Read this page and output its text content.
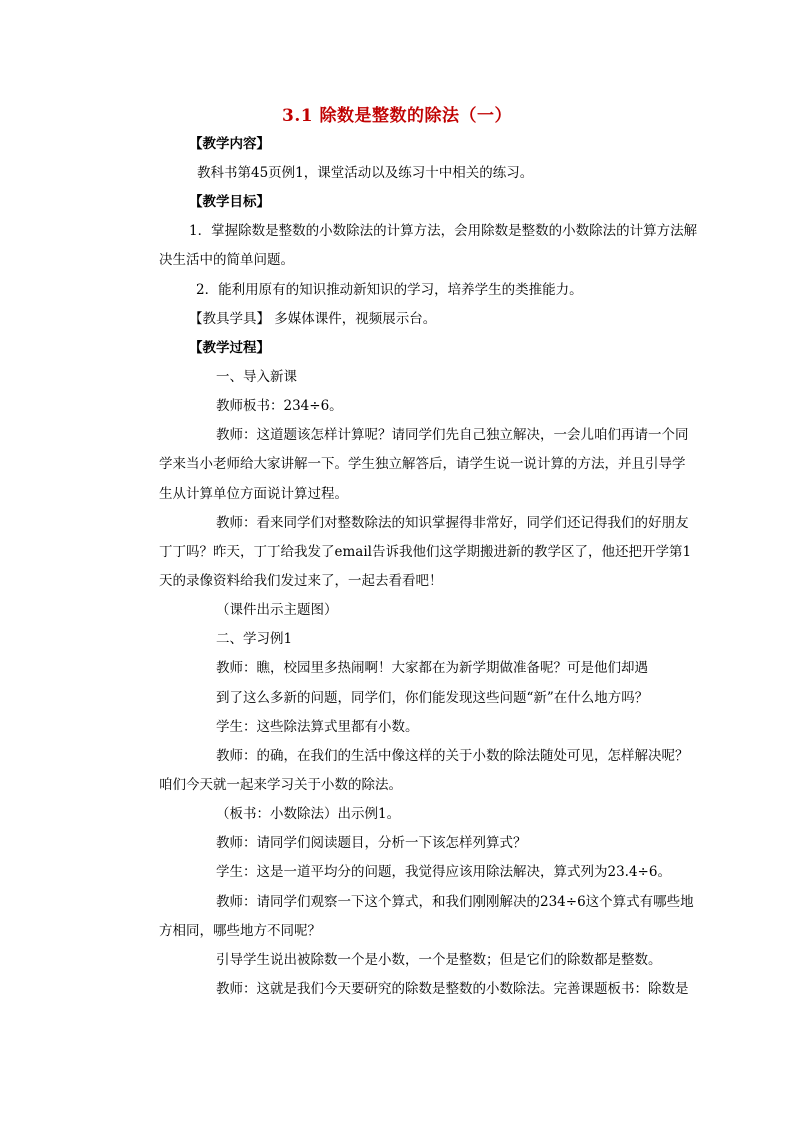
3.1 除数是整数的除法（一）
【教学内容】
教科书第45页例1，课堂活动以及练习十中相关的练习。
【教学目标】
1．掌握除数是整数的小数除法的计算方法，会用除数是整数的小数除法的计算方法解
决生活中的简单问题。
2．能利用原有的知识推动新知识的学习，培养学生的类推能力。
【教具学具】 多媒体课件，视频展示台。
【教学过程】
一、导入新课
教师板书：234÷6。
教师：这道题该怎样计算呢？请同学们先自己独立解决，一会儿咱们再请一个同
学来当小老师给大家讲解一下。学生独立解答后，请学生说一说计算的方法，并且引导学
生从计算单位方面说计算过程。
教师：看来同学们对整数除法的知识掌握得非常好，同学们还记得我们的好朋友
丁丁吗？昨天，丁丁给我发了email告诉我他们这学期搬进新的教学区了，他还把开学第1
天的录像资料给我们发过来了，一起去看看吧！
（课件出示主题图）
二、学习例1
教师：瞧，校园里多热闹啊！大家都在为新学期做准备呢？可是他们却遇
到了这么多新的问题，同学们，你们能发现这些问题“新”在什么地方吗？
学生：这些除法算式里都有小数。
教师：的确，在我们的生活中像这样的关于小数的除法随处可见，怎样解决呢？
咱们今天就一起来学习关于小数的除法。
（板书：小数除法）出示例1。
教师：请同学们阅读题目，分析一下该怎样列算式？
学生：这是一道平均分的问题，我觉得应该用除法解决，算式列为23.4÷6。
教师：请同学们观察一下这个算式，和我们刚刚解决的234÷6这个算式有哪些地
方相同，哪些地方不同呢？
引导学生说出被除数一个是小数，一个是整数；但是它们的除数都是整数。
教师：这就是我们今天要研究的除数是整数的小数除法。完善课题板书：除数是
